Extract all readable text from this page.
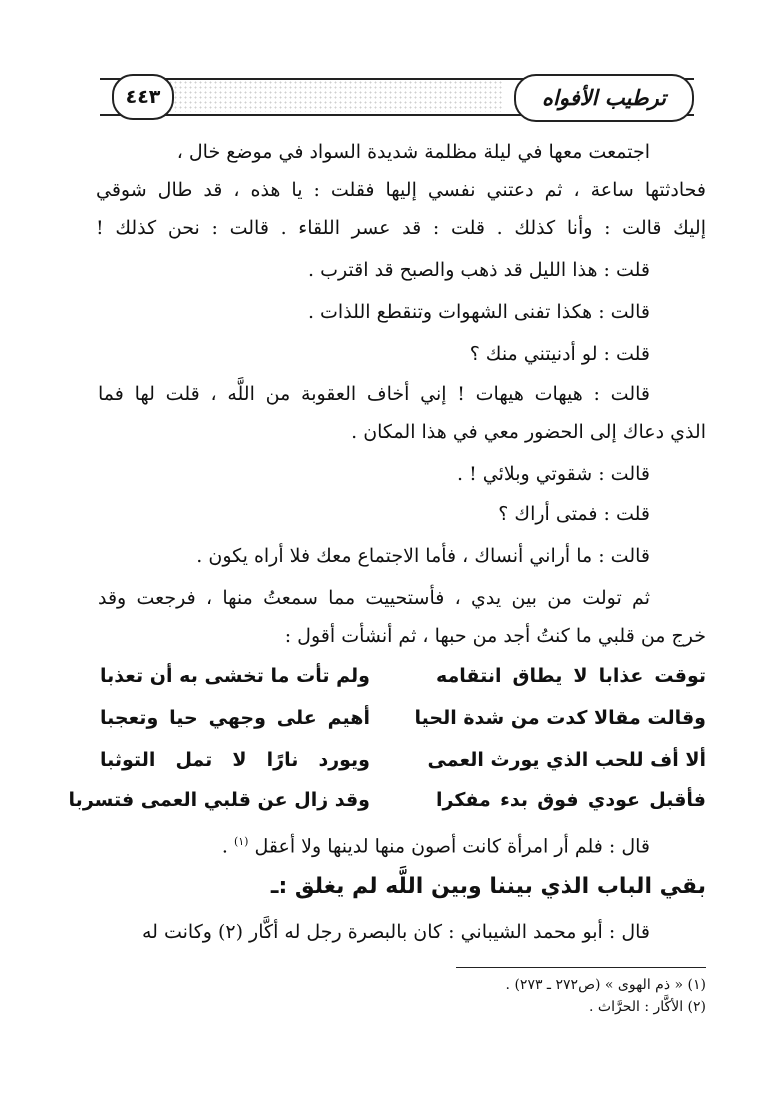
ترطيب الأفواه
٤٤٣
اجتمعت معها في ليلة مظلمة شديدة السواد في موضع خال ،
فحادثتها ساعة ، ثم دعتني نفسي إليها فقلت : يا هذه ، قد طال شوقي
إليك قالت : وأنا كذلك . قلت : قد عسر اللقاء . قالت : نحن كذلك !
قلت : هذا الليل قد ذهب والصبح قد اقترب .
قالت : هكذا تفنى الشهوات وتنقطع اللذات .
قلت : لو أدنيتني منك ؟
قالت : هيهات هيهات ! إني أخاف العقوبة من اللَّه ، قلت لها فما
الذي دعاك إلى الحضور معي في هذا المكان .
قالت : شقوتي وبلائي ! .
قلت : فمتى أراك ؟
قالت : ما أراني أنساك ، فأما الاجتماع معك فلا أراه يكون .
ثم تولت من بين يدي ، فأستحييت مما سمعتُ منها ، فرجعت وقد
خرج من قلبي ما كنتُ أجد من حبها ، ثم أنشأت أقول :
توقت عذابا لا يطاق انتقامه
ولم تأت ما تخشى به أن تعذبا
وقالت مقالا كدت من شدة الحيا
أهيم على وجهي حيا وتعجبا
ألا أف للحب الذي يورث العمى
ويورد نارًا لا تمل التوثبا
فأقبل عودي فوق بدء مفكرا
وقد زال عن قلبي العمى فتسربا
قال : فلم أر امرأة كانت أصون منها لدينها ولا أعقل $^{(١)}$ .
بقي الباب الذي بيننا وبين اللَّه لم يغلق :ـ
قال : أبو محمد الشيباني : كان بالبصرة رجل له أكَّار (٢) وكانت له
(١) « ذم الهوى » (ص٢٧٢ ـ ٢٧٣) .
(٢) الأكَّار : الحرَّاث .
